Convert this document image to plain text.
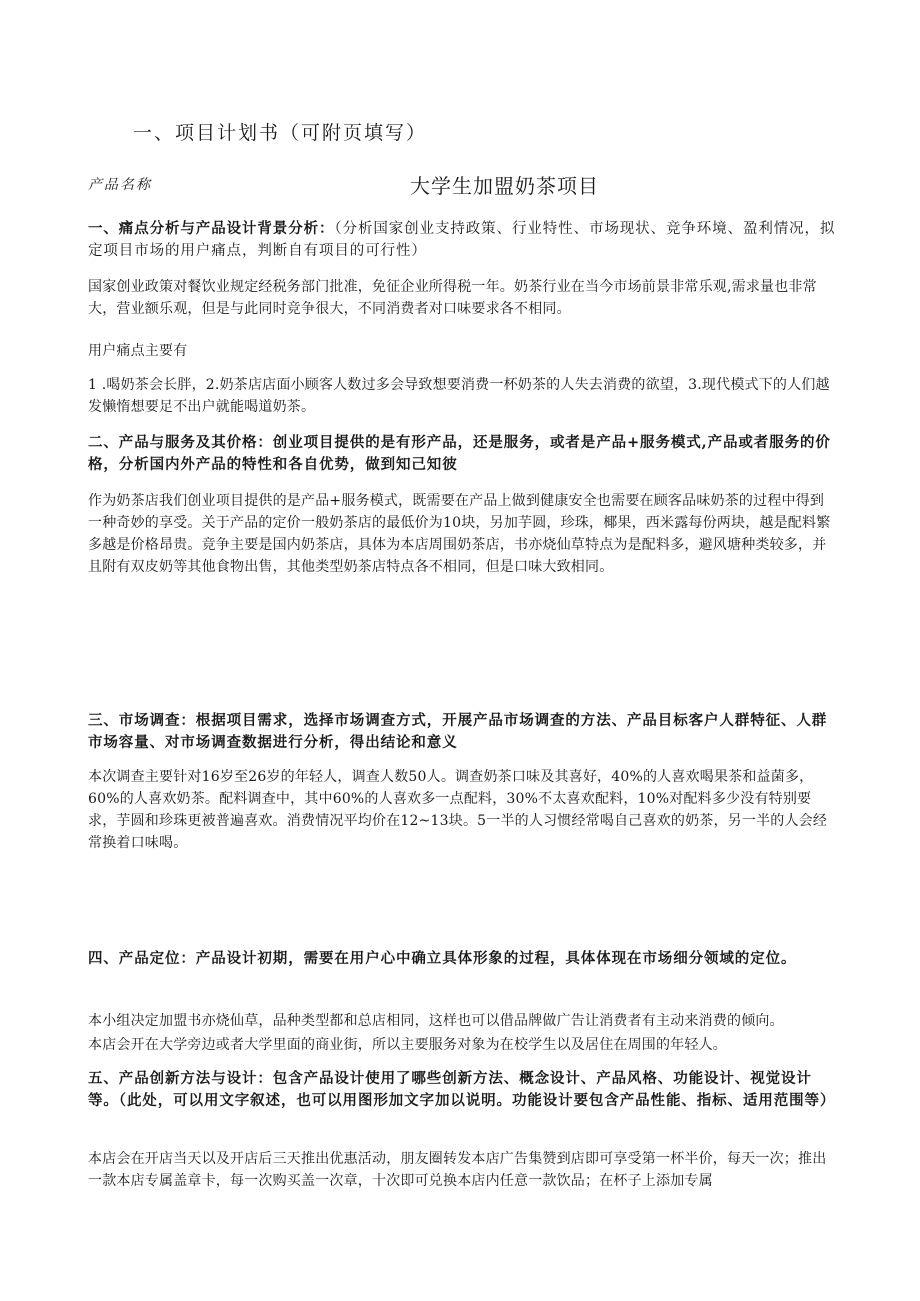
一、项目计划书（可附页填写）
产品名称	大学生加盟奶茶项目

一、痛点分析与产品设计背景分析：（分析国家创业支持政策、行业特性、市场现状、竞争环境、盈利情况，拟定项目市场的用户痛点，判断自有项目的可行性）

国家创业政策对餐饮业规定经税务部门批准，免征企业所得税一年。奶茶行业在当今市场前景非常乐观,需求量也非常大，营业额乐观，但是与此同时竞争很大，不同消费者对口味要求各不相同。

用户痛点主要有

1 .喝奶茶会长胖，2.奶茶店店面小顾客人数过多会导致想要消费一杯奶茶的人失去消费的欲望，3.现代模式下的人们越发懒惰想要足不出户就能喝道奶茶。

二、产品与服务及其价格：创业项目提供的是有形产品，还是服务，或者是产品+服务模式,产品或者服务的价格，分析国内外产品的特性和各自优势，做到知己知彼

作为奶茶店我们创业项目提供的是产品+服务模式，既需要在产品上做到健康安全也需要在顾客品味奶茶的过程中得到一种奇妙的享受。关于产品的定价一般奶茶店的最低价为10块，另加芋圆，珍珠，椰果，西米露每份两块，越是配料繁多越是价格昂贵。竞争主要是国内奶茶店，具体为本店周围奶茶店，书亦烧仙草特点为是配料多，避风塘种类较多，并且附有双皮奶等其他食物出售，其他类型奶茶店特点各不相同，但是口味大致相同。

三、市场调查：根据项目需求，选择市场调查方式，开展产品市场调查的方法、产品目标客户人群特征、人群市场容量、对市场调查数据进行分析，得出结论和意义

本次调查主要针对16岁至26岁的年轻人，调查人数50人。调查奶茶口味及其喜好，40%的人喜欢喝果茶和益菌多，60%的人喜欢奶茶。配料调查中，其中60%的人喜欢多一点配料，30%不太喜欢配料，10%对配料多少没有特别要求，芋圆和珍珠更被普遍喜欢。消费情况平均价在12~13块。5一半的人习惯经常喝自己喜欢的奶茶，另一半的人会经常换着口味喝。

四、产品定位：产品设计初期，需要在用户心中确立具体形象的过程，具体体现在市场细分领域的定位。

本小组决定加盟书亦烧仙草，品种类型都和总店相同，这样也可以借品牌做广告让消费者有主动来消费的倾向。

本店会开在大学旁边或者大学里面的商业街，所以主要服务对象为在校学生以及居住在周围的年轻人。

五、产品创新方法与设计：包含产品设计使用了哪些创新方法、概念设计、产品风格、功能设计、视觉设计等。（此处，可以用文字叙述，也可以用图形加文字加以说明。功能设计要包含产品性能、指标、适用范围等）

本店会在开店当天以及开店后三天推出优惠活动，朋友圈转发本店广告集赞到店即可享受第一杯半价，每天一次；推出一款本店专属盖章卡，每一次购买盖一次章，十次即可兑换本店内任意一款饮品；在杯子上添加专属
